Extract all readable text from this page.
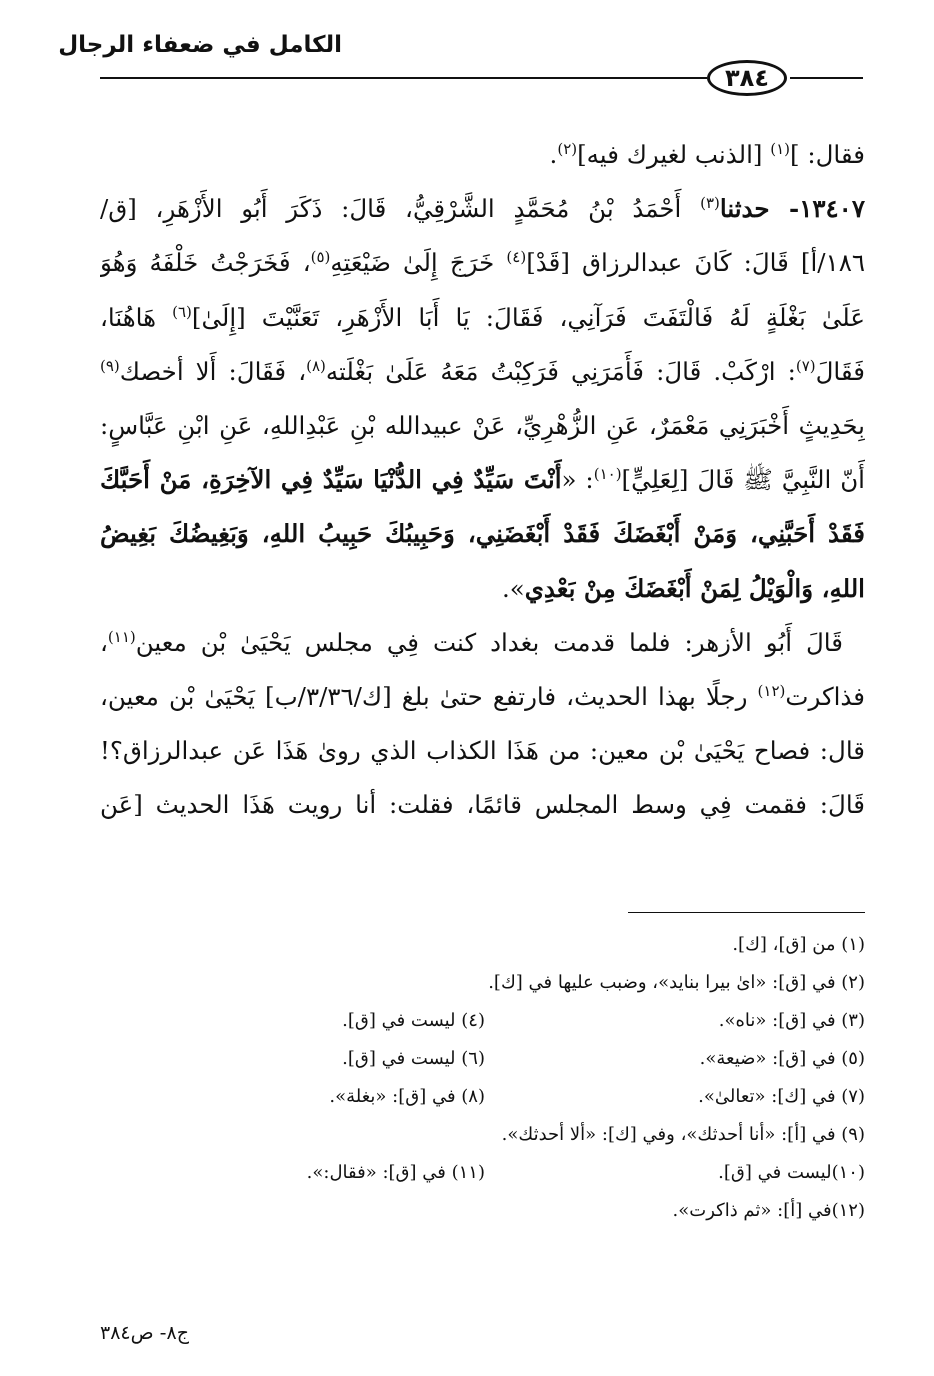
الكامل في ضعفاء الرجال
٣٨٤
فقال: ]$^{(١)}$ [الذنب لغيرك فيه]$^{(٢)}$.
١٣٤٠٧- حدثنا$^{(٣)}$ أَحْمَدُ بْنُ مُحَمَّدٍ الشَّرْقِيُّ، قَالَ: ذَكَرَ أَبُو الأَزْهَرِ، [ق/
١٨٦/أ] قَالَ: كَانَ عبدالرزاق [قَدْ]$^{(٤)}$ خَرَجَ إِلَىٰ ضَيْعَتِهِ$^{(٥)}$، فَخَرَجْتُ خَلْفَهُ وَهُوَ
عَلَىٰ بَغْلَةٍ لَهُ فَالْتَفَتَ فَرَآنِي، فَقَالَ: يَا أَبَا الأَزْهَرِ، تَعَنَّيْتَ [إِلَىٰ]$^{(٦)}$ هَاهُنَا،
فَقَالَ$^{(٧)}$: ارْكَبْ. قَالَ: فَأَمَرَنِي فَرَكِبْتُ مَعَهُ عَلَىٰ بَغْلَته$^{(٨)}$، فَقَالَ: أَلا أخصك$^{(٩)}$
بِحَدِيثٍ أَخْبَرَنِي مَعْمَرٌ، عَنِ الزُّهْرِيِّ، عَنْ عبيدالله بْنِ عَبْدِاللهِ، عَنِ ابْنِ عَبَّاسٍ:
أَنّ النَّبِيَّ ﷺ قَالَ [لِعَلِيٍّ]$^{(١٠)}$: «أَنْتَ سَيِّدٌ فِي الدُّنْيَا سَيِّدٌ فِي الآخِرَةِ، مَنْ أَحَبَّكَ
فَقَدْ أَحَبَّنِي، وَمَنْ أَبْغَضَكَ فَقَدْ أَبْغَضَنِي، وَحَبِيبُكَ حَبِيبُ اللهِ، وَبَغِيضُكَ بَغِيضُ
اللهِ، وَالْوَيْلُ لِمَنْ أَبْغَضَكَ مِنْ بَعْدِي».
قَالَ أَبُو الأزهر: فلما قدمت بغداد كنت فِي مجلس يَحْيَىٰ بْن معين$^{(١١)}$،
فذاكرت$^{(١٢)}$ رجلًا بهذا الحديث، فارتفع حتىٰ بلغ [ك/٣/٣٦/ب] يَحْيَىٰ بْن معين،
قال: فصاح يَحْيَىٰ بْن معين: من هَذَا الكذاب الذي روىٰ هَذَا عَن عبدالرزاق؟!
قَالَ: فقمت فِي وسط المجلس قائمًا، فقلت: أنا رويت هَذَا الحديث [عَن
(١) من [ق]، [ك].
(٢) في [ق]: «اىٰ بيرا بنايد»، وضبب عليها في [ك].
(٣) في [ق]: «ناه».
(٤) ليست في [ق].
(٥) في [ق]: «ضيعة».
(٦) ليست في [ق].
(٧) في [ك]: «تعالىٰ».
(٨) في [ق]: «بغلة».
(٩) في [أ]: «أنا أحدثك»، وفي [ك]: «ألا أحدثك».
(١٠)ليست في [ق].
(١١) في [ق]: «فقال:».
(١٢)في [أ]: «ثم ذاكرت».
ج٨- ص٣٨٤
